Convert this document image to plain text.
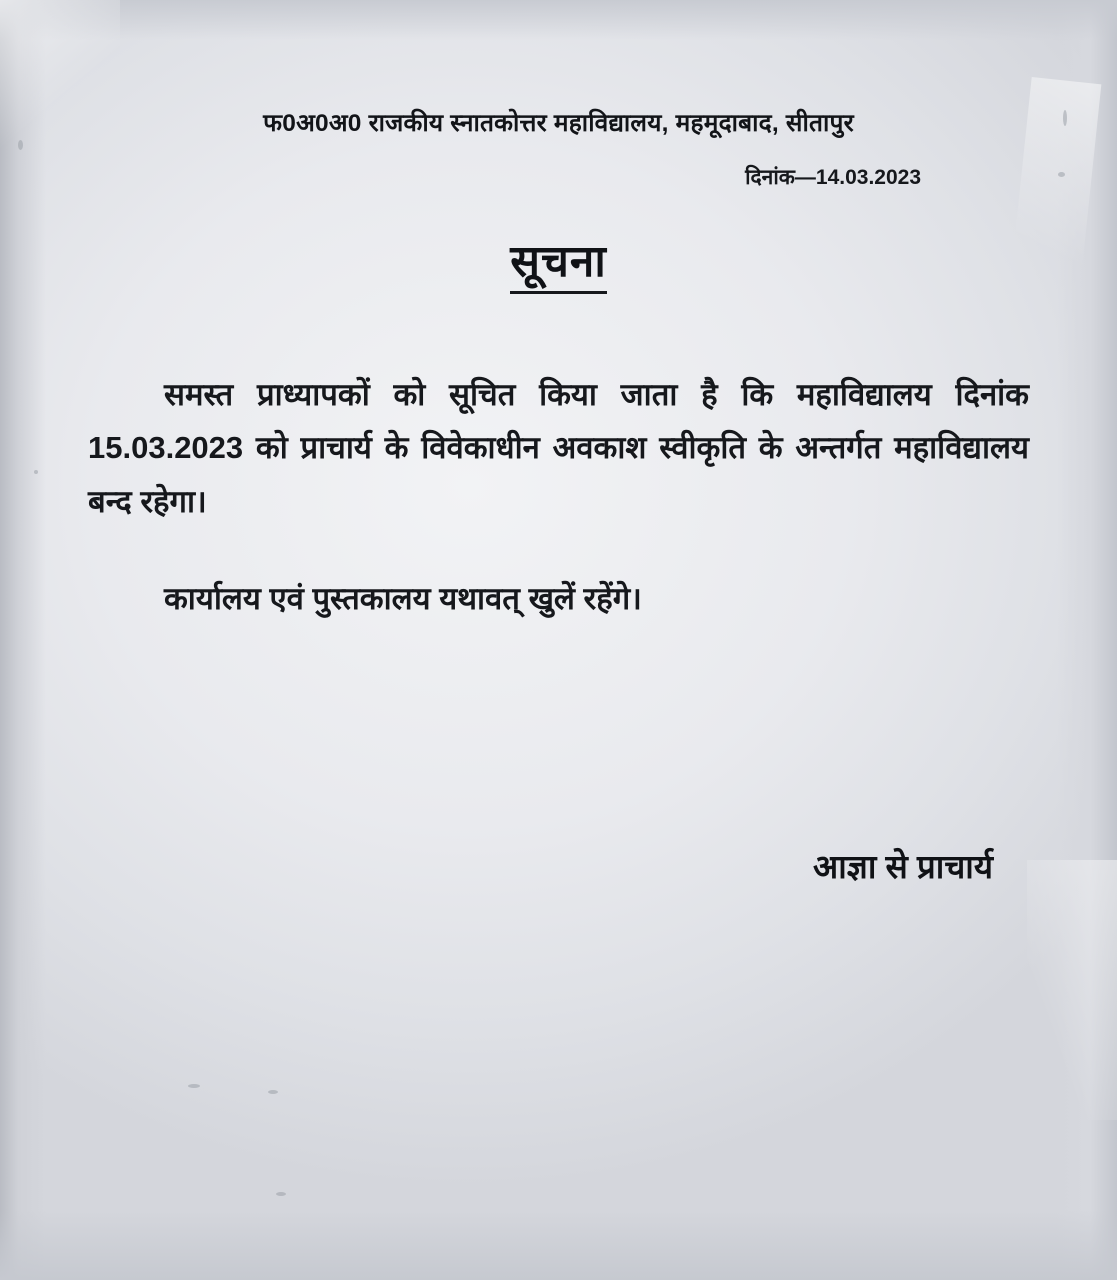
फ0अ0अ0 राजकीय स्नातकोत्तर महाविद्यालय, महमूदाबाद, सीतापुर
दिनांक—14.03.2023
सूचना

समस्त प्राध्यापकों को सूचित किया जाता है कि महाविद्यालय दिनांक 15.03.2023 को प्राचार्य के विवेकाधीन अवकाश स्वीकृति के अन्तर्गत महाविद्यालय बन्द रहेगा।

कार्यालय एवं पुस्तकालय यथावत् खुलें रहेंगे।

आज्ञा से प्राचार्य
